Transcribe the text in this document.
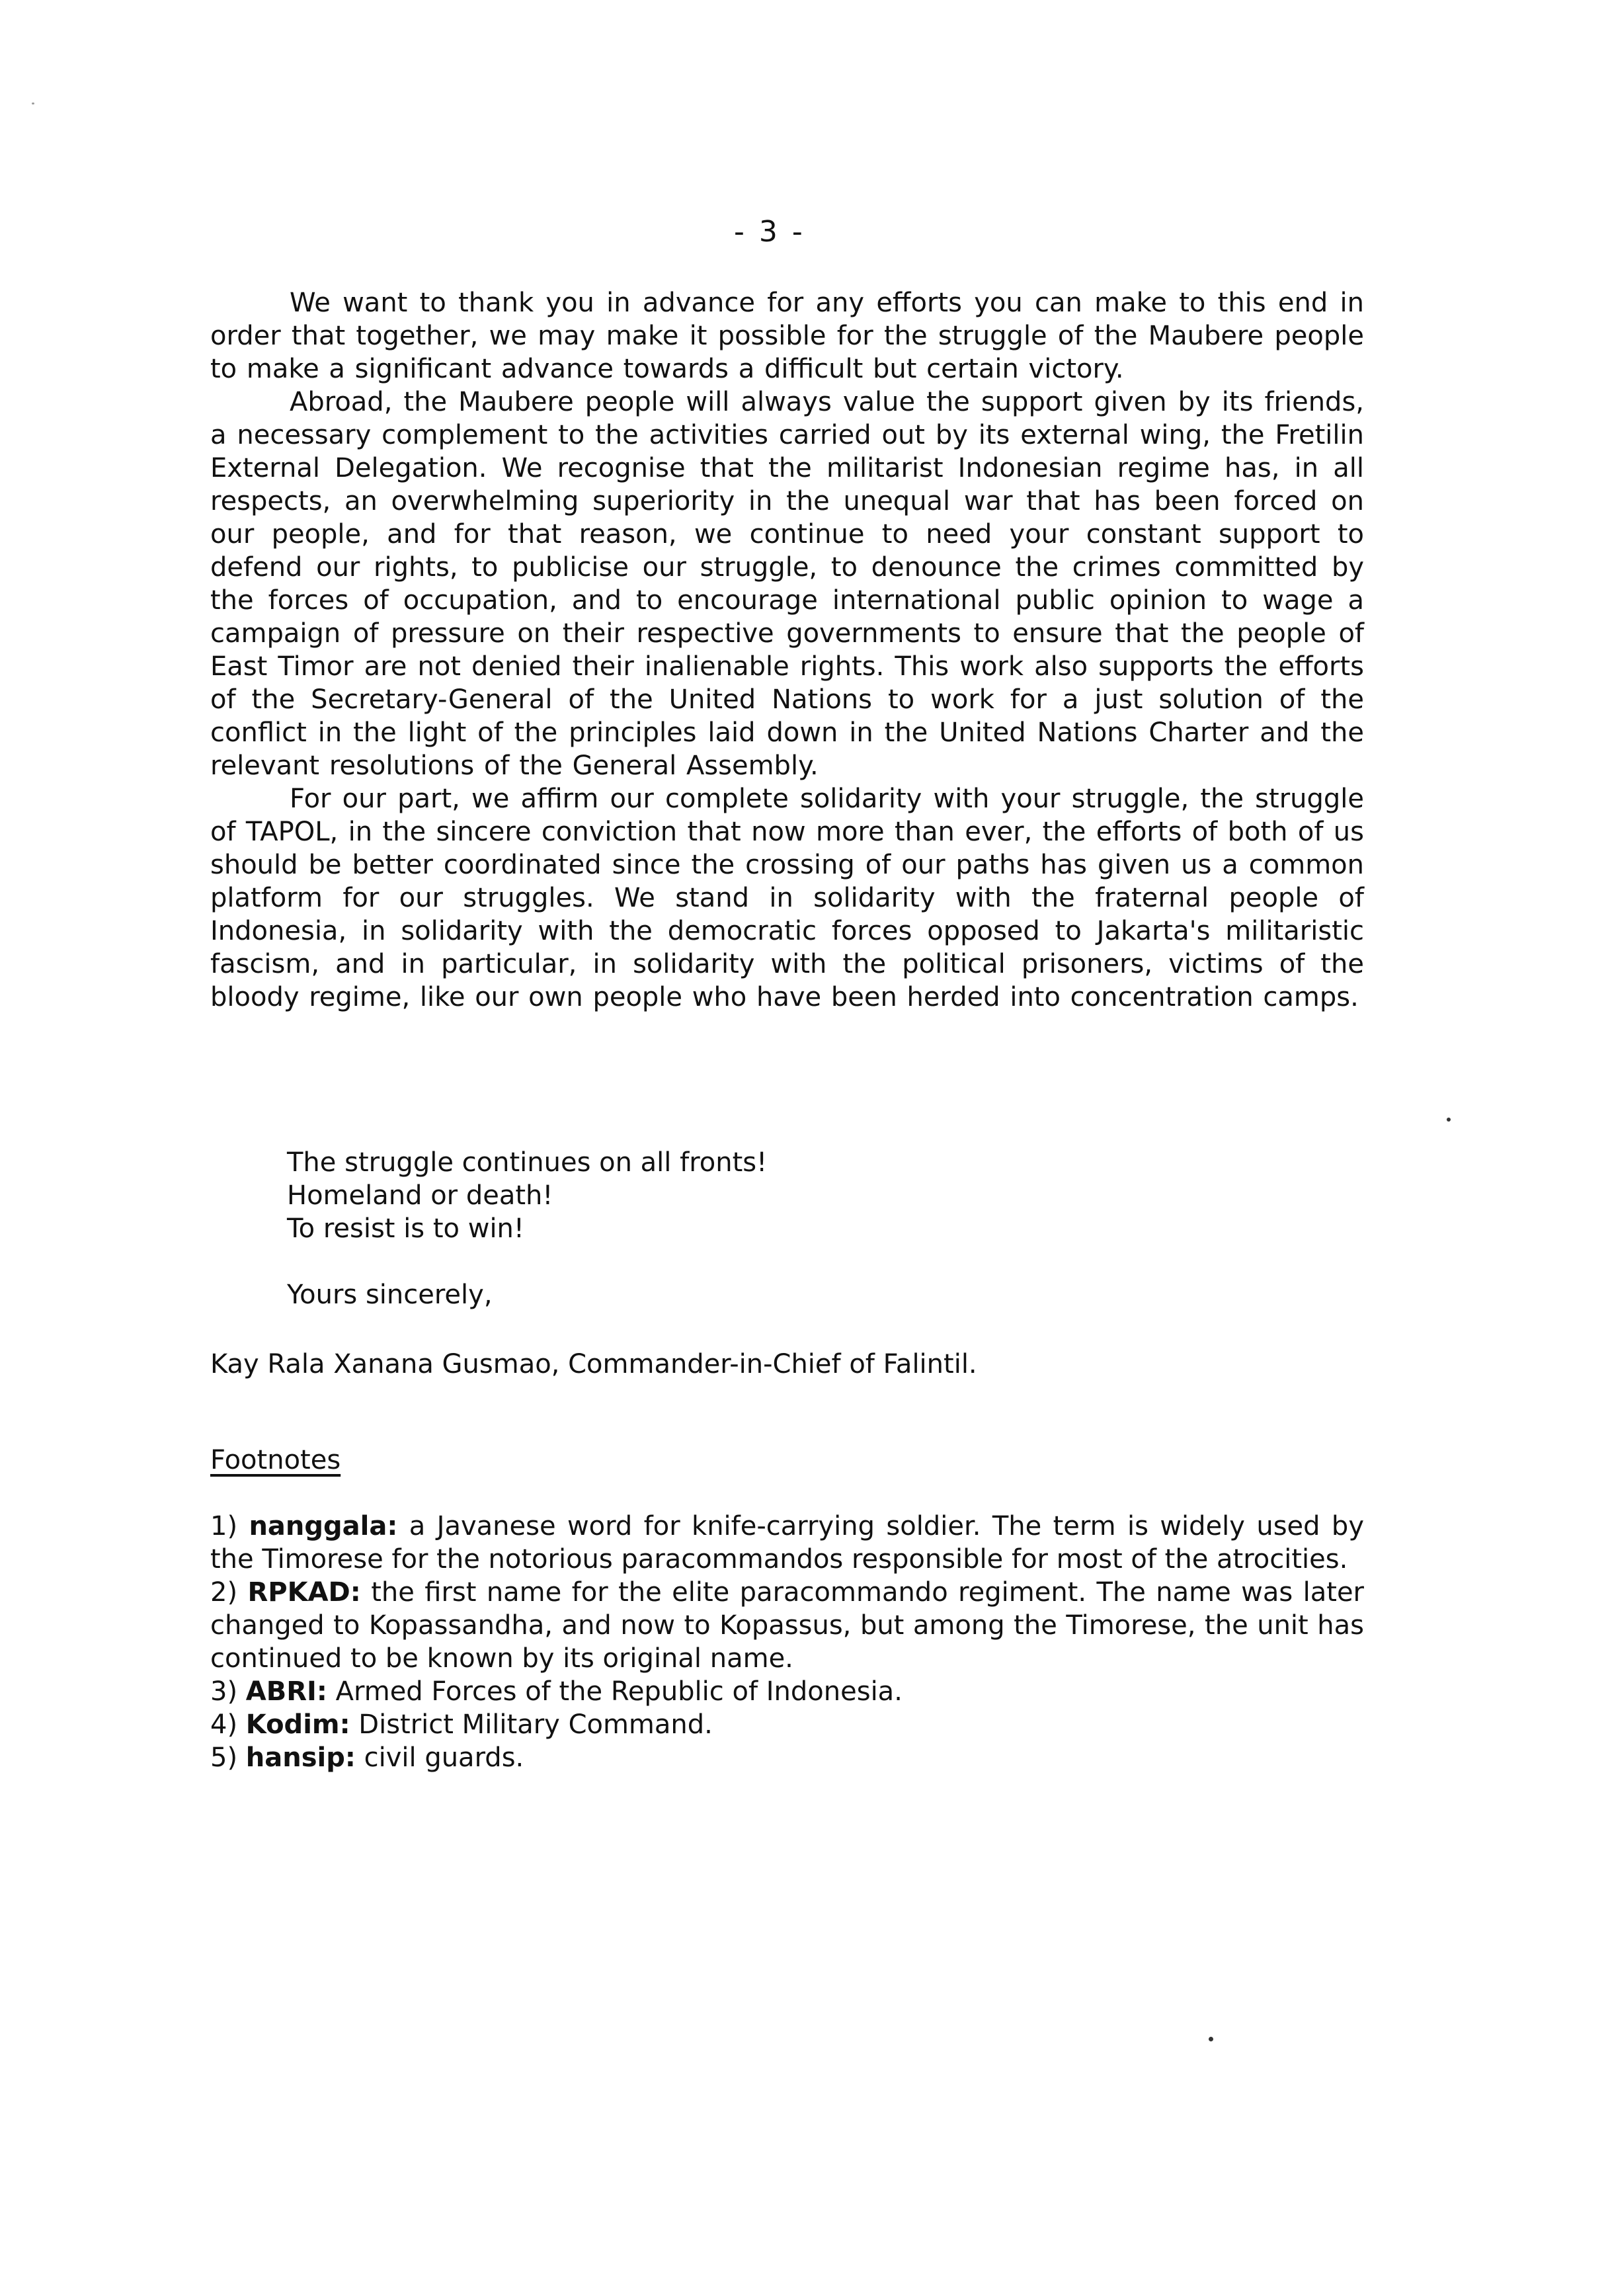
- 3 -

We want to thank you in advance for any efforts you can make to this end in order that together, we may make it possible for the struggle of the Maubere people to make a significant advance towards a difficult but certain victory.

Abroad, the Maubere people will always value the support given by its friends, a necessary complement to the activities carried out by its external wing, the Fretilin External Delegation. We recognise that the militarist Indonesian regime has, in all respects, an overwhelming superiority in the unequal war that has been forced on our people, and for that reason, we continue to need your constant support to defend our rights, to publicise our struggle, to denounce the crimes committed by the forces of occupation, and to encourage international public opinion to wage a campaign of pressure on their respective governments to ensure that the people of East Timor are not denied their inalienable rights. This work also supports the efforts of the Secretary-General of the United Nations to work for a just solution of the conflict in the light of the principles laid down in the United Nations Charter and the relevant resolutions of the General Assembly.

For our part, we affirm our complete solidarity with your struggle, the struggle of TAPOL, in the sincere conviction that now more than ever, the efforts of both of us should be better coordinated since the crossing of our paths has given us a common platform for our struggles. We stand in solidarity with the fraternal people of Indonesia, in solidarity with the democratic forces opposed to Jakarta's militaristic fascism, and in particular, in solidarity with the political prisoners, victims of the bloody regime, like our own people who have been herded into concentration camps.

The struggle continues on all fronts!
Homeland or death!
To resist is to win!
Yours sincerely,
Kay Rala Xanana Gusmao, Commander-in-Chief of Falintil.
Footnotes

1) nanggala: a Javanese word for knife-carrying soldier. The term is widely used by the Timorese for the notorious paracommandos responsible for most of the atrocities.

2) RPKAD: the first name for the elite paracommando regiment. The name was later changed to Kopassandha, and now to Kopassus, but among the Timorese, the unit has continued to be known by its original name.

3) ABRI: Armed Forces of the Republic of Indonesia.

4) Kodim: District Military Command.

5) hansip: civil guards.
